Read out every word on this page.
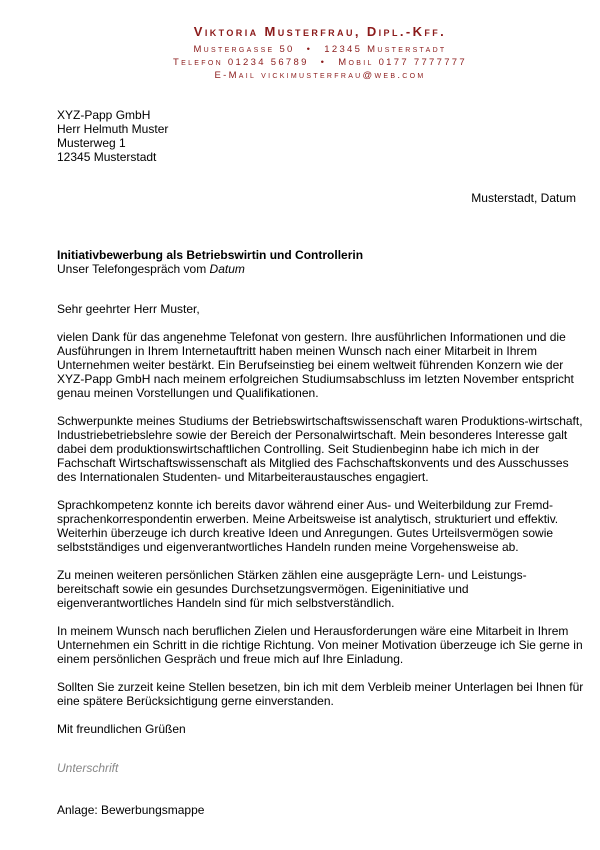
Viktoria Musterfrau, Dipl.-Kff.
Mustergasse 50 • 12345 Musterstadt
Telefon 01234 56789 • Mobil 0177 7777777
E-Mail vickimusterfrau@web.com
XYZ-Papp GmbH
Herr Helmuth Muster
Musterweg 1
12345 Musterstadt
Musterstadt, Datum
Initiativbewerbung als Betriebswirtin und Controllerin
Unser Telefongespräch vom Datum

Sehr geehrter Herr Muster,

vielen Dank für das angenehme Telefonat von gestern. Ihre ausführlichen Informationen und die Ausführungen in Ihrem Internetauftritt haben meinen Wunsch nach einer Mitarbeit in Ihrem Unternehmen weiter bestärkt. Ein Berufseinstieg bei einem weltweit führenden Konzern wie der XYZ-Papp GmbH nach meinem erfolgreichen Studiumsabschluss im letzten November entspricht genau meinen Vorstellungen und Qualifikationen.

Schwerpunkte meines Studiums der Betriebswirtschaftswissenschaft waren Produktions-wirtschaft, Industriebetriebslehre sowie der Bereich der Personalwirtschaft. Mein besonderes Interesse galt dabei dem produktionswirtschaftlichen Controlling. Seit Studienbeginn habe ich mich in der Fachschaft Wirtschaftswissenschaft als Mitglied des Fachschaftskonvents und des Ausschusses des Internationalen Studenten- und Mitarbeiteraustausches engagiert.

Sprachkompetenz konnte ich bereits davor während einer Aus- und Weiterbildung zur Fremd-sprachenkorrespondentin erwerben. Meine Arbeitsweise ist analytisch, strukturiert und effektiv. Weiterhin überzeuge ich durch kreative Ideen und Anregungen. Gutes Urteilsvermögen sowie selbstständiges und eigenverantwortliches Handeln runden meine Vorgehensweise ab.

Zu meinen weiteren persönlichen Stärken zählen eine ausgeprägte Lern- und Leistungs-bereitschaft sowie ein gesundes Durchsetzungsvermögen. Eigeninitiative und eigenverantwortliches Handeln sind für mich selbstverständlich.

In meinem Wunsch nach beruflichen Zielen und Herausforderungen wäre eine Mitarbeit in Ihrem Unternehmen ein Schritt in die richtige Richtung. Von meiner Motivation überzeuge ich Sie gerne in einem persönlichen Gespräch und freue mich auf Ihre Einladung.

Sollten Sie zurzeit keine Stellen besetzen, bin ich mit dem Verbleib meiner Unterlagen bei Ihnen für eine spätere Berücksichtigung gerne einverstanden.

Mit freundlichen Grüßen

Unterschrift
Anlage: Bewerbungsmappe
